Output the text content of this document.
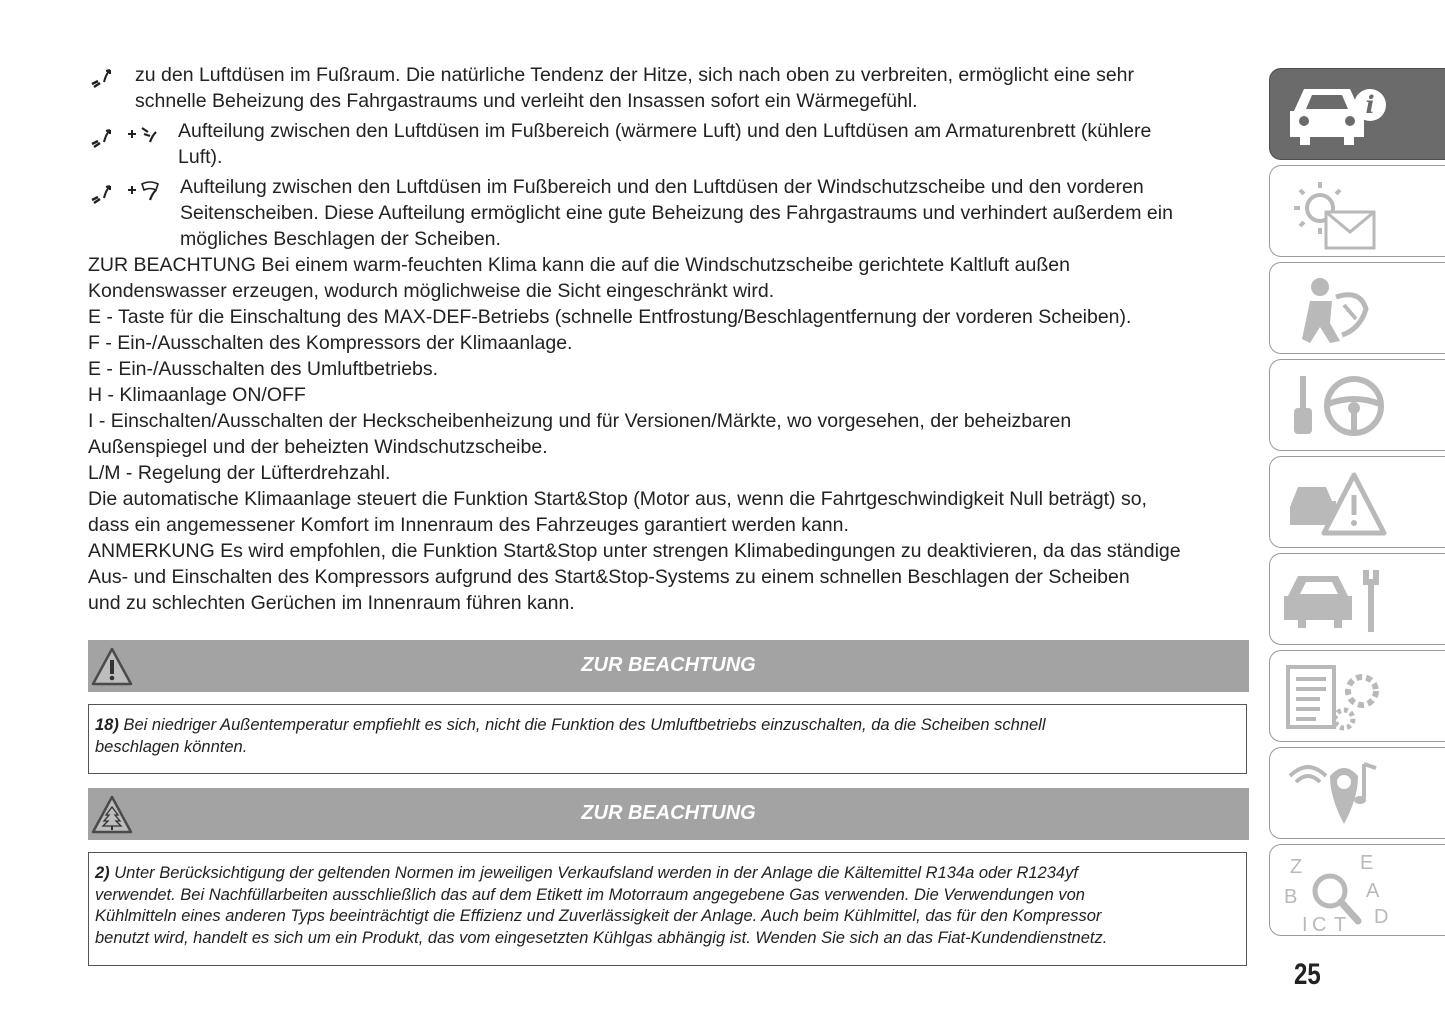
zu den Luftdüsen im Fußraum. Die natürliche Tendenz der Hitze, sich nach oben zu verbreiten, ermöglicht eine sehr
schnelle Beheizung des Fahrgastraums und verleiht den Insassen sofort ein Wärmegefühl.
Aufteilung zwischen den Luftdüsen im Fußbereich (wärmere Luft) und den Luftdüsen am Armaturenbrett (kühlere
Luft).
Aufteilung zwischen den Luftdüsen im Fußbereich und den Luftdüsen der Windschutzscheibe und den vorderen
Seitenscheiben. Diese Aufteilung ermöglicht eine gute Beheizung des Fahrgastraums und verhindert außerdem ein
mögliches Beschlagen der Scheiben.

ZUR BEACHTUNG Bei einem warm-feuchten Klima kann die auf die Windschutzscheibe gerichtete Kaltluft außen

Kondenswasser erzeugen, wodurch möglichweise die Sicht eingeschränkt wird.

E - Taste für die Einschaltung des MAX-DEF-Betriebs (schnelle Entfrostung/Beschlagentfernung der vorderen Scheiben).

F - Ein-/Ausschalten des Kompressors der Klimaanlage.

E - Ein-/Ausschalten des Umluftbetriebs.

H - Klimaanlage ON/OFF

I - Einschalten/Ausschalten der Heckscheibenheizung und für Versionen/Märkte, wo vorgesehen, der beheizbaren

Außenspiegel und der beheizten Windschutzscheibe.

L/M - Regelung der Lüfterdrehzahl.

Die automatische Klimaanlage steuert die Funktion Start&Stop (Motor aus, wenn die Fahrtgeschwindigkeit Null beträgt) so,

dass ein angemessener Komfort im Innenraum des Fahrzeuges garantiert werden kann.

ANMERKUNG Es wird empfohlen, die Funktion Start&Stop unter strengen Klimabedingungen zu deaktivieren, da das ständige

Aus- und Einschalten des Kompressors aufgrund des Start&Stop-Systems zu einem schnellen Beschlagen der Scheiben

und zu schlechten Gerüchen im Innenraum führen kann.

ZUR BEACHTUNG
18) Bei niedriger Außentemperatur empfiehlt es sich, nicht die Funktion des Umluftbetriebs einzuschalten, da die Scheiben schnell
beschlagen könnten.
ZUR BEACHTUNG
2) Unter Berücksichtigung der geltenden Normen im jeweiligen Verkaufsland werden in der Anlage die Kältemittel R134a oder R1234yf
verwendet. Bei Nachfüllarbeiten ausschließlich das auf dem Etikett im Motorraum angegebene Gas verwenden. Die Verwendungen von
Kühlmitteln eines anderen Typs beeinträchtigt die Effizienz und Zuverlässigkeit der Anlage. Auch beim Kühlmittel, das für den Kompressor
benutzt wird, handelt es sich um ein Produkt, das vom eingesetzten Kühlgas abhängig ist. Wenden Sie sich an das Fiat-Kundendienstnetz.
i
Z	E
B	A
I C T D
25
